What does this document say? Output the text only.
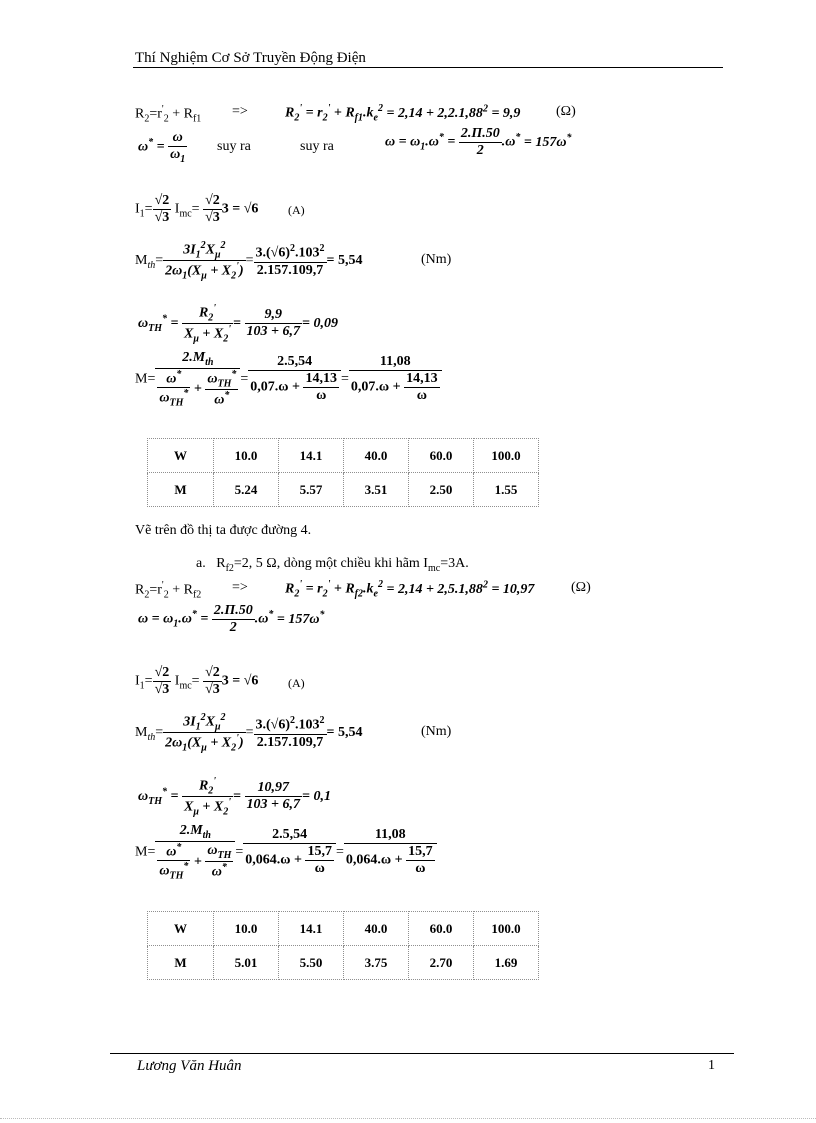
Thí Nghiệm Cơ Sở Truyền Động Điện
$R_2=r'_2 + R_{f1}$ =>	$R_2' = r_2' + R_{f1}.k_e^2 = 2,14 + 2,2.1,88^2 = 9,9$	(Ω)
$\omega^* = \frac{\omega}{\omega_1}$ suy ra	suy ra	$\omega = \omega_1.\omega^* = \frac{2.\Pi.50}{2} .\omega^* = 157\omega^*$
$I_1= \frac{√2}{√3} I_{mc}= \frac{√2}{√3} 3 = √6$ (A)
$M_{th}= \frac{3I_1^2X_\mu^2}{2\omega_1(X_\mu + X_2')} = \frac{3.(√6)^2.103^2}{2.157.109,7} = 5,54$	(Nm)
$\omega_{TH}^* = \frac{R_2'}{X_\mu + X_2'} = \frac{9,9}{103 + 6,7} = 0,09$
$M= \frac{2.M_{th}}{\frac{\omega^*}{\omega_{TH}^*} + \frac{\omega_{TH}^*}{\omega^*}} = \frac{2.5,54}{0,07.\omega + \frac{14,13}{\omega}} = \frac{11,08}{0,07.\omega + \frac{14,13}{\omega}}$
W	10.0	14.1	40.0	60.0	100.0
M	5.24	5.57	3.51	2.50	1.55
Vẽ trên đồ thị ta được đường 4.
a.   $R_{f2}=2$, 5 Ω, dòng một chiều khi hãm $I_{mc}=3A$.
$R_2=r'_2 + R_{f2}$ =>	$R_2' = r_2' + R_{f2}.k_e^2 = 2,14 + 2,5.1,88^2 = 10,97$	(Ω)
$\omega = \omega_1.\omega^* = \frac{2.\Pi.50}{2} .\omega^* = 157\omega^*$
$I_1= \frac{√2}{√3} I_{mc}= \frac{√2}{√3} 3 = √6$ (A)
$M_{th}= \frac{3I_1^2X_\mu^2}{2\omega_1(X_\mu + X_2')} = \frac{3.(√6)^2.103^2}{2.157.109,7} = 5,54$	(Nm)
$\omega_{TH}^* = \frac{R_2'}{X_\mu + X_2'} = \frac{10,97}{103 + 6,7} = 0,1$
$M= \frac{2.M_{th}}{\frac{\omega^*}{\omega_{TH}^*} + \frac{\omega_{TH}}{\omega^*}} = \frac{2.5,54}{0,064.\omega + \frac{15,7}{\omega}} = \frac{11,08}{0,064.\omega + \frac{15,7}{\omega}}$
W	10.0	14.1	40.0	60.0	100.0
M	5.01	5.50	3.75	2.70	1.69
Lương Văn Huân	1
